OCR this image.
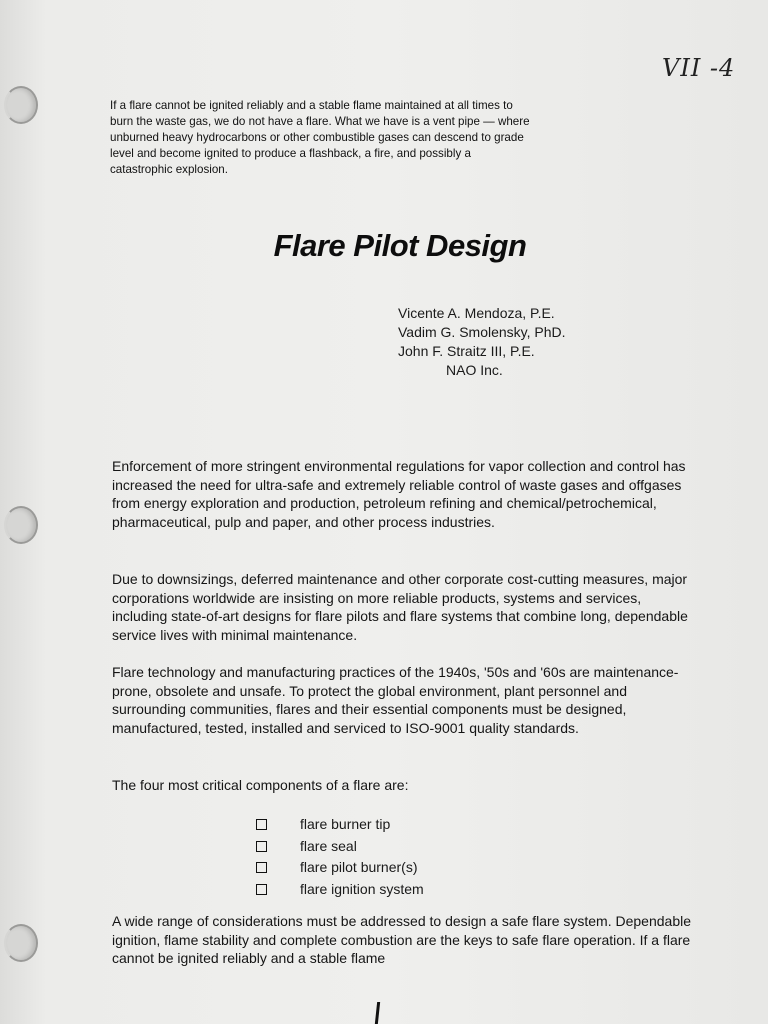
VII -4
If a flare cannot be ignited reliably and a stable flame maintained at all times to burn the waste gas, we do not have a flare. What we have is a vent pipe — where unburned heavy hydrocarbons or other combustible gases can descend to grade level and become ignited to produce a flashback, a fire, and possibly a catastrophic explosion.
Flare Pilot Design
Vicente A. Mendoza, P.E.
Vadim G. Smolensky, PhD.
John F. Straitz III, P.E.
NAO Inc.

Enforcement of more stringent environmental regulations for vapor collection and control has increased the need for ultra-safe and extremely reliable control of waste gases and offgases from energy exploration and production, petroleum refining and chemical/petrochemical, pharmaceutical, pulp and paper, and other process industries.

Due to downsizings, deferred maintenance and other corporate cost-cutting measures, major corporations worldwide are insisting on more reliable products, systems and services, including state-of-art designs for flare pilots and flare systems that combine long, dependable service lives with minimal maintenance.

Flare technology and manufacturing practices of the 1940s, '50s and '60s are maintenance-prone, obsolete and unsafe. To protect the global environment, plant personnel and surrounding communities, flares and their essential components must be designed, manufactured, tested, installed and serviced to ISO-9001 quality standards.

The four most critical components of a flare are:

flare burner tip
flare seal
flare pilot burner(s)
flare ignition system

A wide range of considerations must be addressed to design a safe flare system. Dependable ignition, flame stability and complete combustion are the keys to safe flare operation. If a flare cannot be ignited reliably and a stable flame
